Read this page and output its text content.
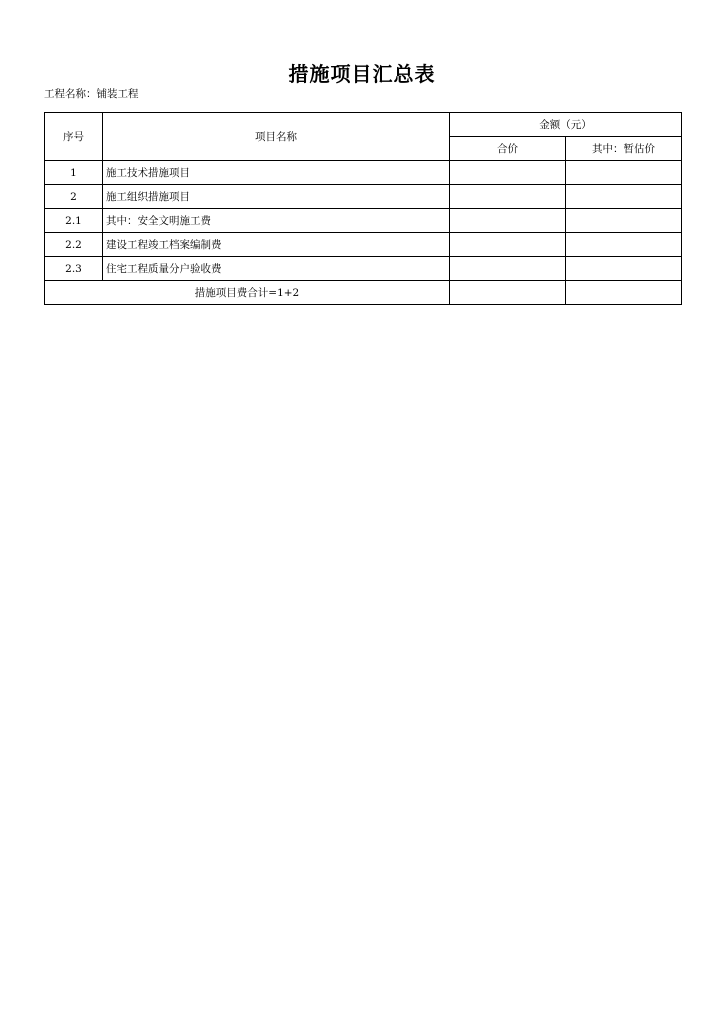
措施项目汇总表
工程名称：铺装工程
序号	项目名称	金额（元）	
		合价	其中：暂估价
1	施工技术措施项目		
2	施工组织措施项目		
2.1	其中：安全文明施工费		
2.2	建设工程竣工档案编制费		
2.3	住宅工程质量分户验收费		
措施项目费合计=1+2			
